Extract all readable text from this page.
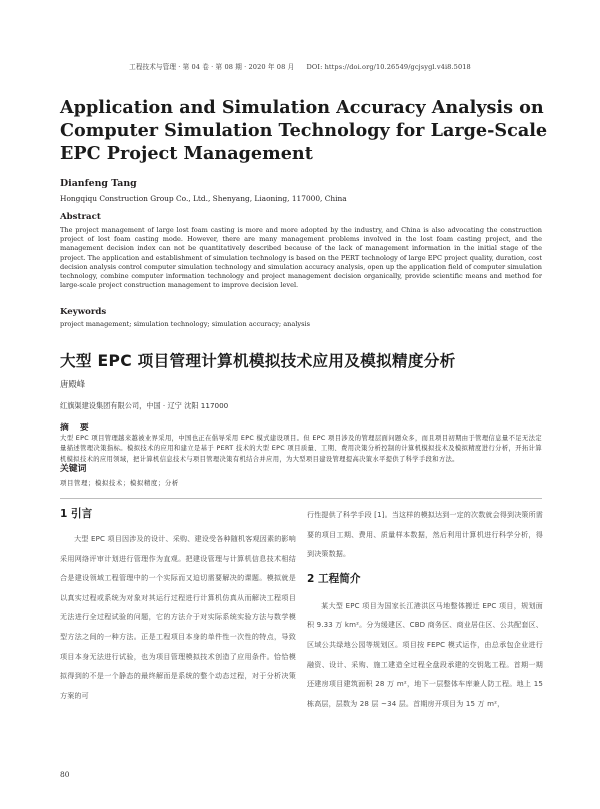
工程技术与管理 · 第 04 卷 · 第 08 期 · 2020 年 08 月 DOI: https://doi.org/10.26549/gcjsygl.v4i8.5018
Application and Simulation Accuracy Analysis on Computer Simulation Technology for Large-Scale EPC Project Management
Dianfeng Tang
Hongqiqu Construction Group Co., Ltd., Shenyang, Liaoning, 117000, China
Abstract

The project management of large lost foam casting is more and more adopted by the industry, and China is also advocating the construction project of lost foam casting mode. However, there are many management problems involved in the lost foam casting project, and the management decision index can not be quantitatively described because of the lack of management information in the initial stage of the project. The application and establishment of simulation technology is based on the PERT technology of large EPC project quality, duration, cost decision analysis control computer simulation technology and simulation accuracy analysis, open up the application field of computer simulation technology, combine computer information technology and project management decision organically, provide scientific means and method for large-scale project construction management to improve decision level.

Keywords
project management; simulation technology; simulation accuracy; analysis
大型 EPC 项目管理计算机模拟技术应用及模拟精度分析
唐殿峰
红旗渠建设集团有限公司，中国 · 辽宁 沈阳 117000
摘 要

大型 EPC 项目管理越来越被业界采用，中国也正在倡导采用 EPC 模式建设项目。但 EPC 项目涉及的管理层面问题众多，而且项目初期由于管理信息量不足无法定量描述管理决策指标。模拟技术的应用和建立是基于 PERT 技术的大型 EPC 项目质量、工期、费用决策分析控制的计算机模拟技术及模拟精度进行分析，开拓计算机模拟技术的应用领域，把计算机信息技术与项目管理决策有机结合并应用，为大型项目建设管理提高决策水平提供了科学手段和方法。

关键词
项目管理；模拟技术；模拟精度；分析
1 引言

大型 EPC 项目因涉及的设计、采购、建设受各种随机客观因素的影响采用网络评审计划进行管理作为直观。把建设管理与计算机信息技术相结合是建设领域工程管理中的一个实际而又迫切需要解决的课题。模拟就是以真实过程或系统为对象对其运行过程进行计算机仿真从而解决工程项目无法进行全过程试验的问题，它的方法介于对实际系统实验方法与数学模型方法之间的一种方法。正是工程项目本身的单件性一次性的特点，导致项目本身无法进行试验，也为项目管理模拟技术创造了应用条件。恰恰模拟得到的不是一个静态的最终解而是系统的整个动态过程，对于分析决策方案的可

行性提供了科学手段 [1]。当这样的模拟达到一定的次数就会得到决策所需要的项目工期、费用、质量样本数据，然后利用计算机进行科学分析，得到决策数据。

2 工程简介

某大型 EPC 项目为国家长江港洪区马地整体搬迁 EPC 项目，规划面积 9.33 万 km²。分为缓建区、CBD 商务区、商业居住区、公共配套区、区域公共绿地公园等规划区。项目按 FEPC 模式运作，由总承包企业进行融资、设计、采购、施工建造全过程全盘段承建的交钥匙工程。首期一期还建房项目建筑面积 28 万 m²，地下一层整体车库兼人防工程。地上 15 栋高层，层数为 28 层 ~34 层。首期房开项目为 15 万 m²，

80
